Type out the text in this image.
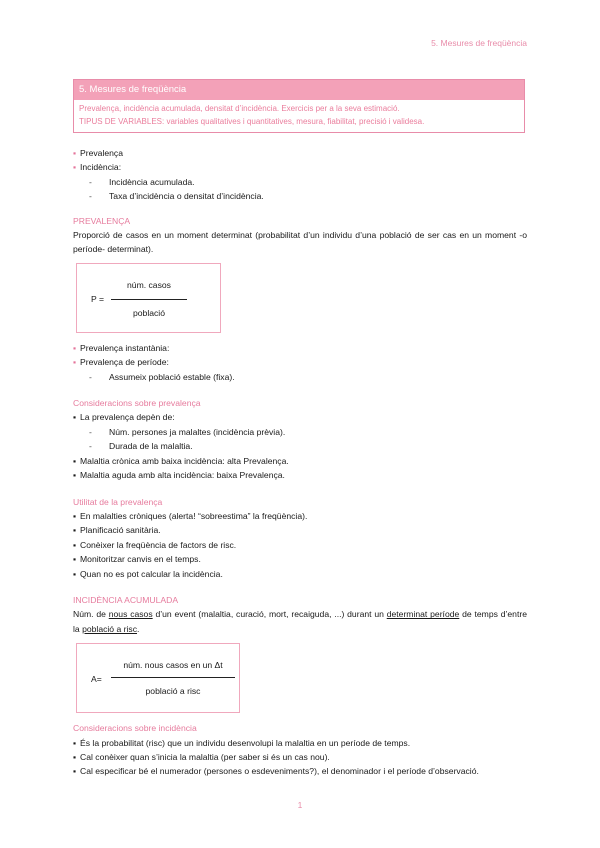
5. Mesures de freqüència
5. Mesures de freqüència
Prevalença, incidència acumulada, densitat d’incidència. Exercicis per a la seva estimació.
TIPUS DE VARIABLES: variables qualitatives i quantitatives, mesura, fiabilitat, precisió i validesa.
▪ Prevalença
▪ Incidència:
-	Incidència acumulada.
-	Taxa d’incidència o densitat d’incidència.
PREVALENÇA
Proporció de casos en un moment determinat (probabilitat d’un individu d’una població de ser cas en un moment -o període- determinat).
P =
núm. casos
població
▪ Prevalença instantània:
▪ Prevalença de període:
-	Assumeix població estable (fixa).
Consideracions sobre prevalença
▪ La prevalença depèn de:
-	Núm. persones ja malaltes (incidència prèvia).
-	Durada de la malaltia.
▪ Malaltia crònica amb baixa incidència: alta Prevalença.
▪ Malaltia aguda amb alta incidència: baixa Prevalença.
Utilitat de la prevalença
▪ En malalties cròniques (alerta! “sobreestima” la freqüència).
▪ Planificació sanitària.
▪ Conèixer la freqüència de factors de risc.
▪ Monitoritzar canvis en el temps.
▪ Quan no es pot calcular la incidència.
INCIDÈNCIA ACUMULADA
Núm. de nous casos d’un event (malaltia, curació, mort, recaiguda, ...) durant un determinat període de temps d’entre la població a risc.
A=
núm. nous casos en un Δt
població a risc
Consideracions sobre incidència
▪ És la probabilitat (risc) que un individu desenvolupi la malaltia en un període de temps.
▪ Cal conèixer quan s’inicia la malaltia (per saber si és un cas nou).
▪ Cal especificar bé el numerador (persones o esdeveniments?), el denominador i el període d’observació.
1
